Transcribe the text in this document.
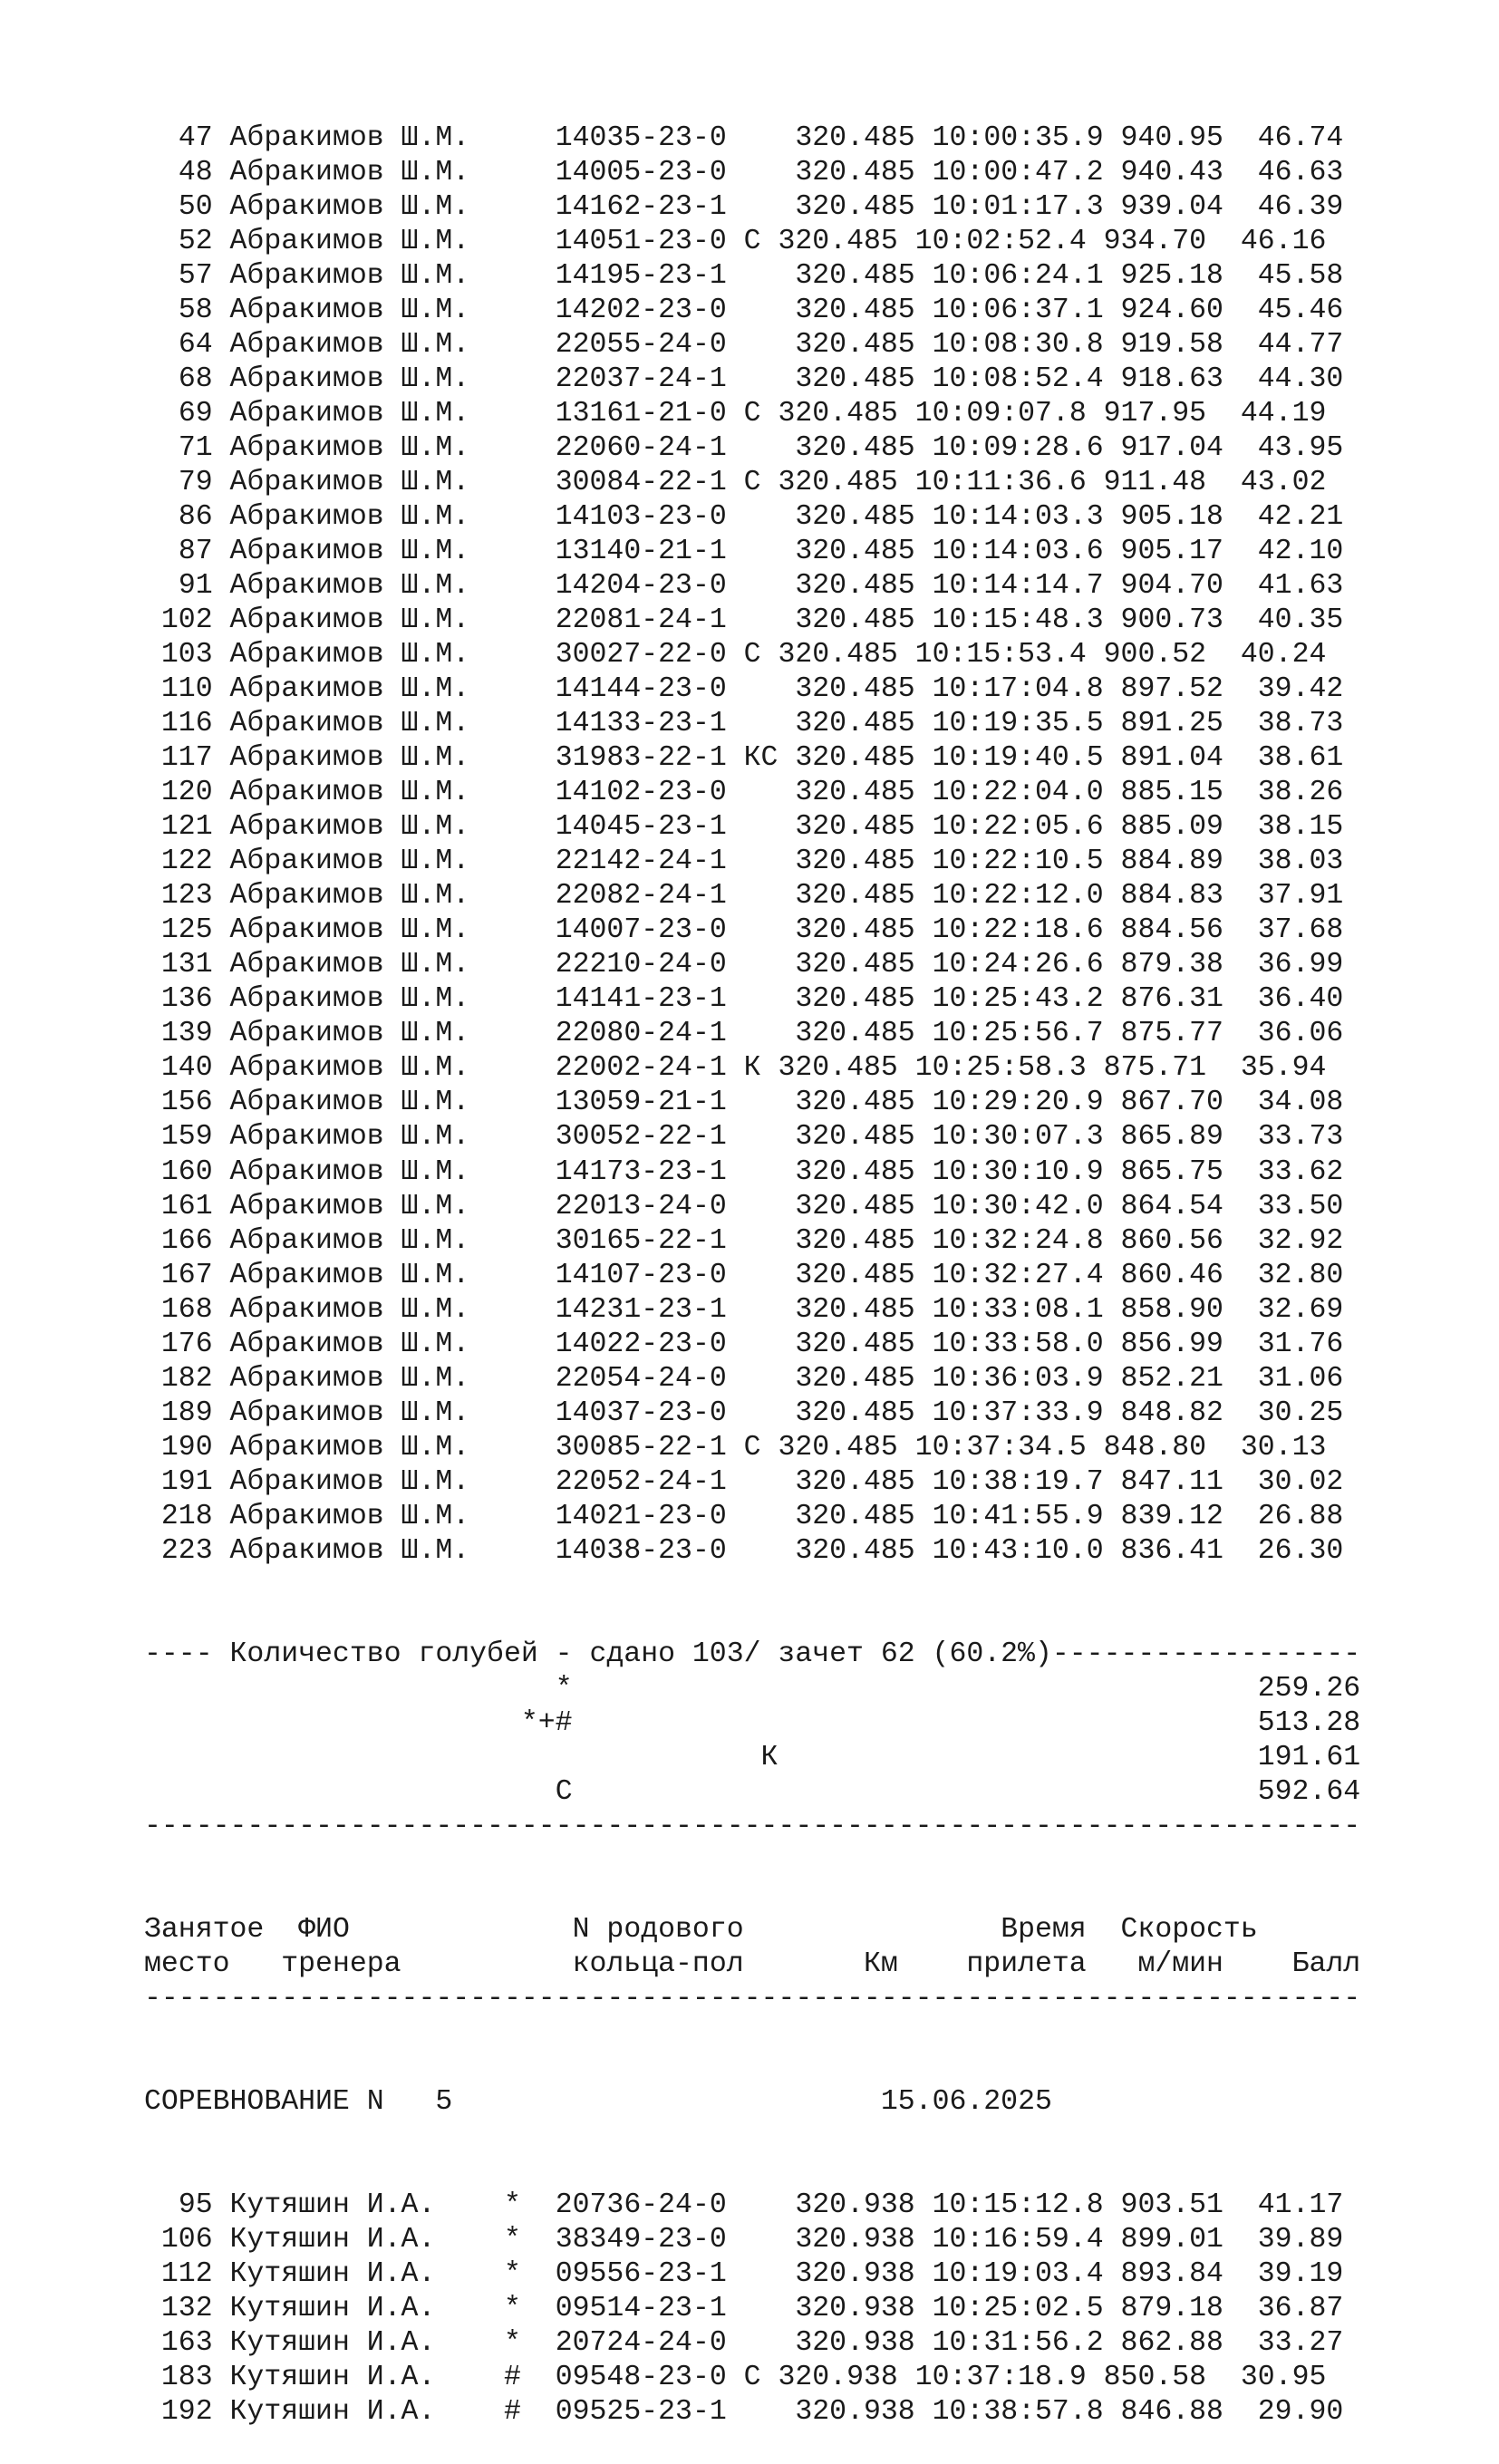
47 Абракимов Ш.М.	14035-23-0 320.485 10:00:35.9 940.95 46.74
48 Абракимов Ш.М.	14005-23-0 320.485 10:00:47.2 940.43 46.63
50 Абракимов Ш.М.	14162-23-1 320.485 10:01:17.3 939.04 46.39
52 Абракимов Ш.М.	14051-23-0 С 320.485 10:02:52.4 934.70 46.16
57 Абракимов Ш.М.	14195-23-1 320.485 10:06:24.1 925.18 45.58
58 Абракимов Ш.М.	14202-23-0 320.485 10:06:37.1 924.60 45.46
64 Абракимов Ш.М.	22055-24-0 320.485 10:08:30.8 919.58 44.77
68 Абракимов Ш.М.	22037-24-1 320.485 10:08:52.4 918.63 44.30
69 Абракимов Ш.М.	13161-21-0 С 320.485 10:09:07.8 917.95 44.19
71 Абракимов Ш.М.	22060-24-1 320.485 10:09:28.6 917.04 43.95
79 Абракимов Ш.М.	30084-22-1 С 320.485 10:11:36.6 911.48 43.02
86 Абракимов Ш.М.	14103-23-0 320.485 10:14:03.3 905.18 42.21
87 Абракимов Ш.М.	13140-21-1 320.485 10:14:03.6 905.17 42.10
91 Абракимов Ш.М.	14204-23-0 320.485 10:14:14.7 904.70 41.63
102 Абракимов Ш.М.	22081-24-1 320.485 10:15:48.3 900.73 40.35
103 Абракимов Ш.М.	30027-22-0 С 320.485 10:15:53.4 900.52 40.24
110 Абракимов Ш.М.	14144-23-0 320.485 10:17:04.8 897.52 39.42
116 Абракимов Ш.М.	14133-23-1 320.485 10:19:35.5 891.25 38.73
117 Абракимов Ш.М.	31983-22-1 КС 320.485 10:19:40.5 891.04 38.61
120 Абракимов Ш.М.	14102-23-0 320.485 10:22:04.0 885.15 38.26
121 Абракимов Ш.М.	14045-23-1 320.485 10:22:05.6 885.09 38.15
122 Абракимов Ш.М.	22142-24-1 320.485 10:22:10.5 884.89 38.03
123 Абракимов Ш.М.	22082-24-1 320.485 10:22:12.0 884.83 37.91
125 Абракимов Ш.М.	14007-23-0 320.485 10:22:18.6 884.56 37.68
131 Абракимов Ш.М.	22210-24-0 320.485 10:24:26.6 879.38 36.99
136 Абракимов Ш.М.	14141-23-1 320.485 10:25:43.2 876.31 36.40
139 Абракимов Ш.М.	22080-24-1 320.485 10:25:56.7 875.77 36.06
140 Абракимов Ш.М.	22002-24-1 К 320.485 10:25:58.3 875.71 35.94
156 Абракимов Ш.М.	13059-21-1 320.485 10:29:20.9 867.70 34.08
159 Абракимов Ш.М.	30052-22-1 320.485 10:30:07.3 865.89 33.73
160 Абракимов Ш.М.	14173-23-1 320.485 10:30:10.9 865.75 33.62
161 Абракимов Ш.М.	22013-24-0 320.485 10:30:42.0 864.54 33.50
166 Абракимов Ш.М.	30165-22-1 320.485 10:32:24.8 860.56 32.92
167 Абракимов Ш.М.	14107-23-0 320.485 10:32:27.4 860.46 32.80
168 Абракимов Ш.М.	14231-23-1 320.485 10:33:08.1 858.90 32.69
176 Абракимов Ш.М.	14022-23-0 320.485 10:33:58.0 856.99 31.76
182 Абракимов Ш.М.	22054-24-0 320.485 10:36:03.9 852.21 31.06
189 Абракимов Ш.М.	14037-23-0 320.485 10:37:33.9 848.82 30.25
190 Абракимов Ш.М.	30085-22-1 С 320.485 10:37:34.5 848.80 30.13
191 Абракимов Ш.М.	22052-24-1 320.485 10:38:19.7 847.11 30.02
218 Абракимов Ш.М.	14021-23-0 320.485 10:41:55.9 839.12 26.88
223 Абракимов Ш.М.	14038-23-0 320.485 10:43:10.0 836.41 26.30

---- Количество голубей - сдано 103/ зачет 62 (60.2%)------------------
*	259.26
*+#	513.28
К	191.61
С	592.64
-----------------------------------------------------------------------

Занятое ФИО	N родового	Время Скорость
место тренера	кольца-пол	Км прилета м/мин Балл
-----------------------------------------------------------------------

СОРЕВНОВАНИЕ N 5	15.06.2025

95 Кутяшин И.А. * 20736-24-0 320.938 10:15:12.8 903.51 41.17
106 Кутяшин И.А. * 38349-23-0 320.938 10:16:59.4 899.01 39.89
112 Кутяшин И.А. * 09556-23-1 320.938 10:19:03.4 893.84 39.19
132 Кутяшин И.А. * 09514-23-1 320.938 10:25:02.5 879.18 36.87
163 Кутяшин И.А. * 20724-24-0 320.938 10:31:56.2 862.88 33.27
183 Кутяшин И.А. # 09548-23-0 С 320.938 10:37:18.9 850.58 30.95
192 Кутяшин И.А. # 09525-23-1 320.938 10:38:57.8 846.88 29.90
